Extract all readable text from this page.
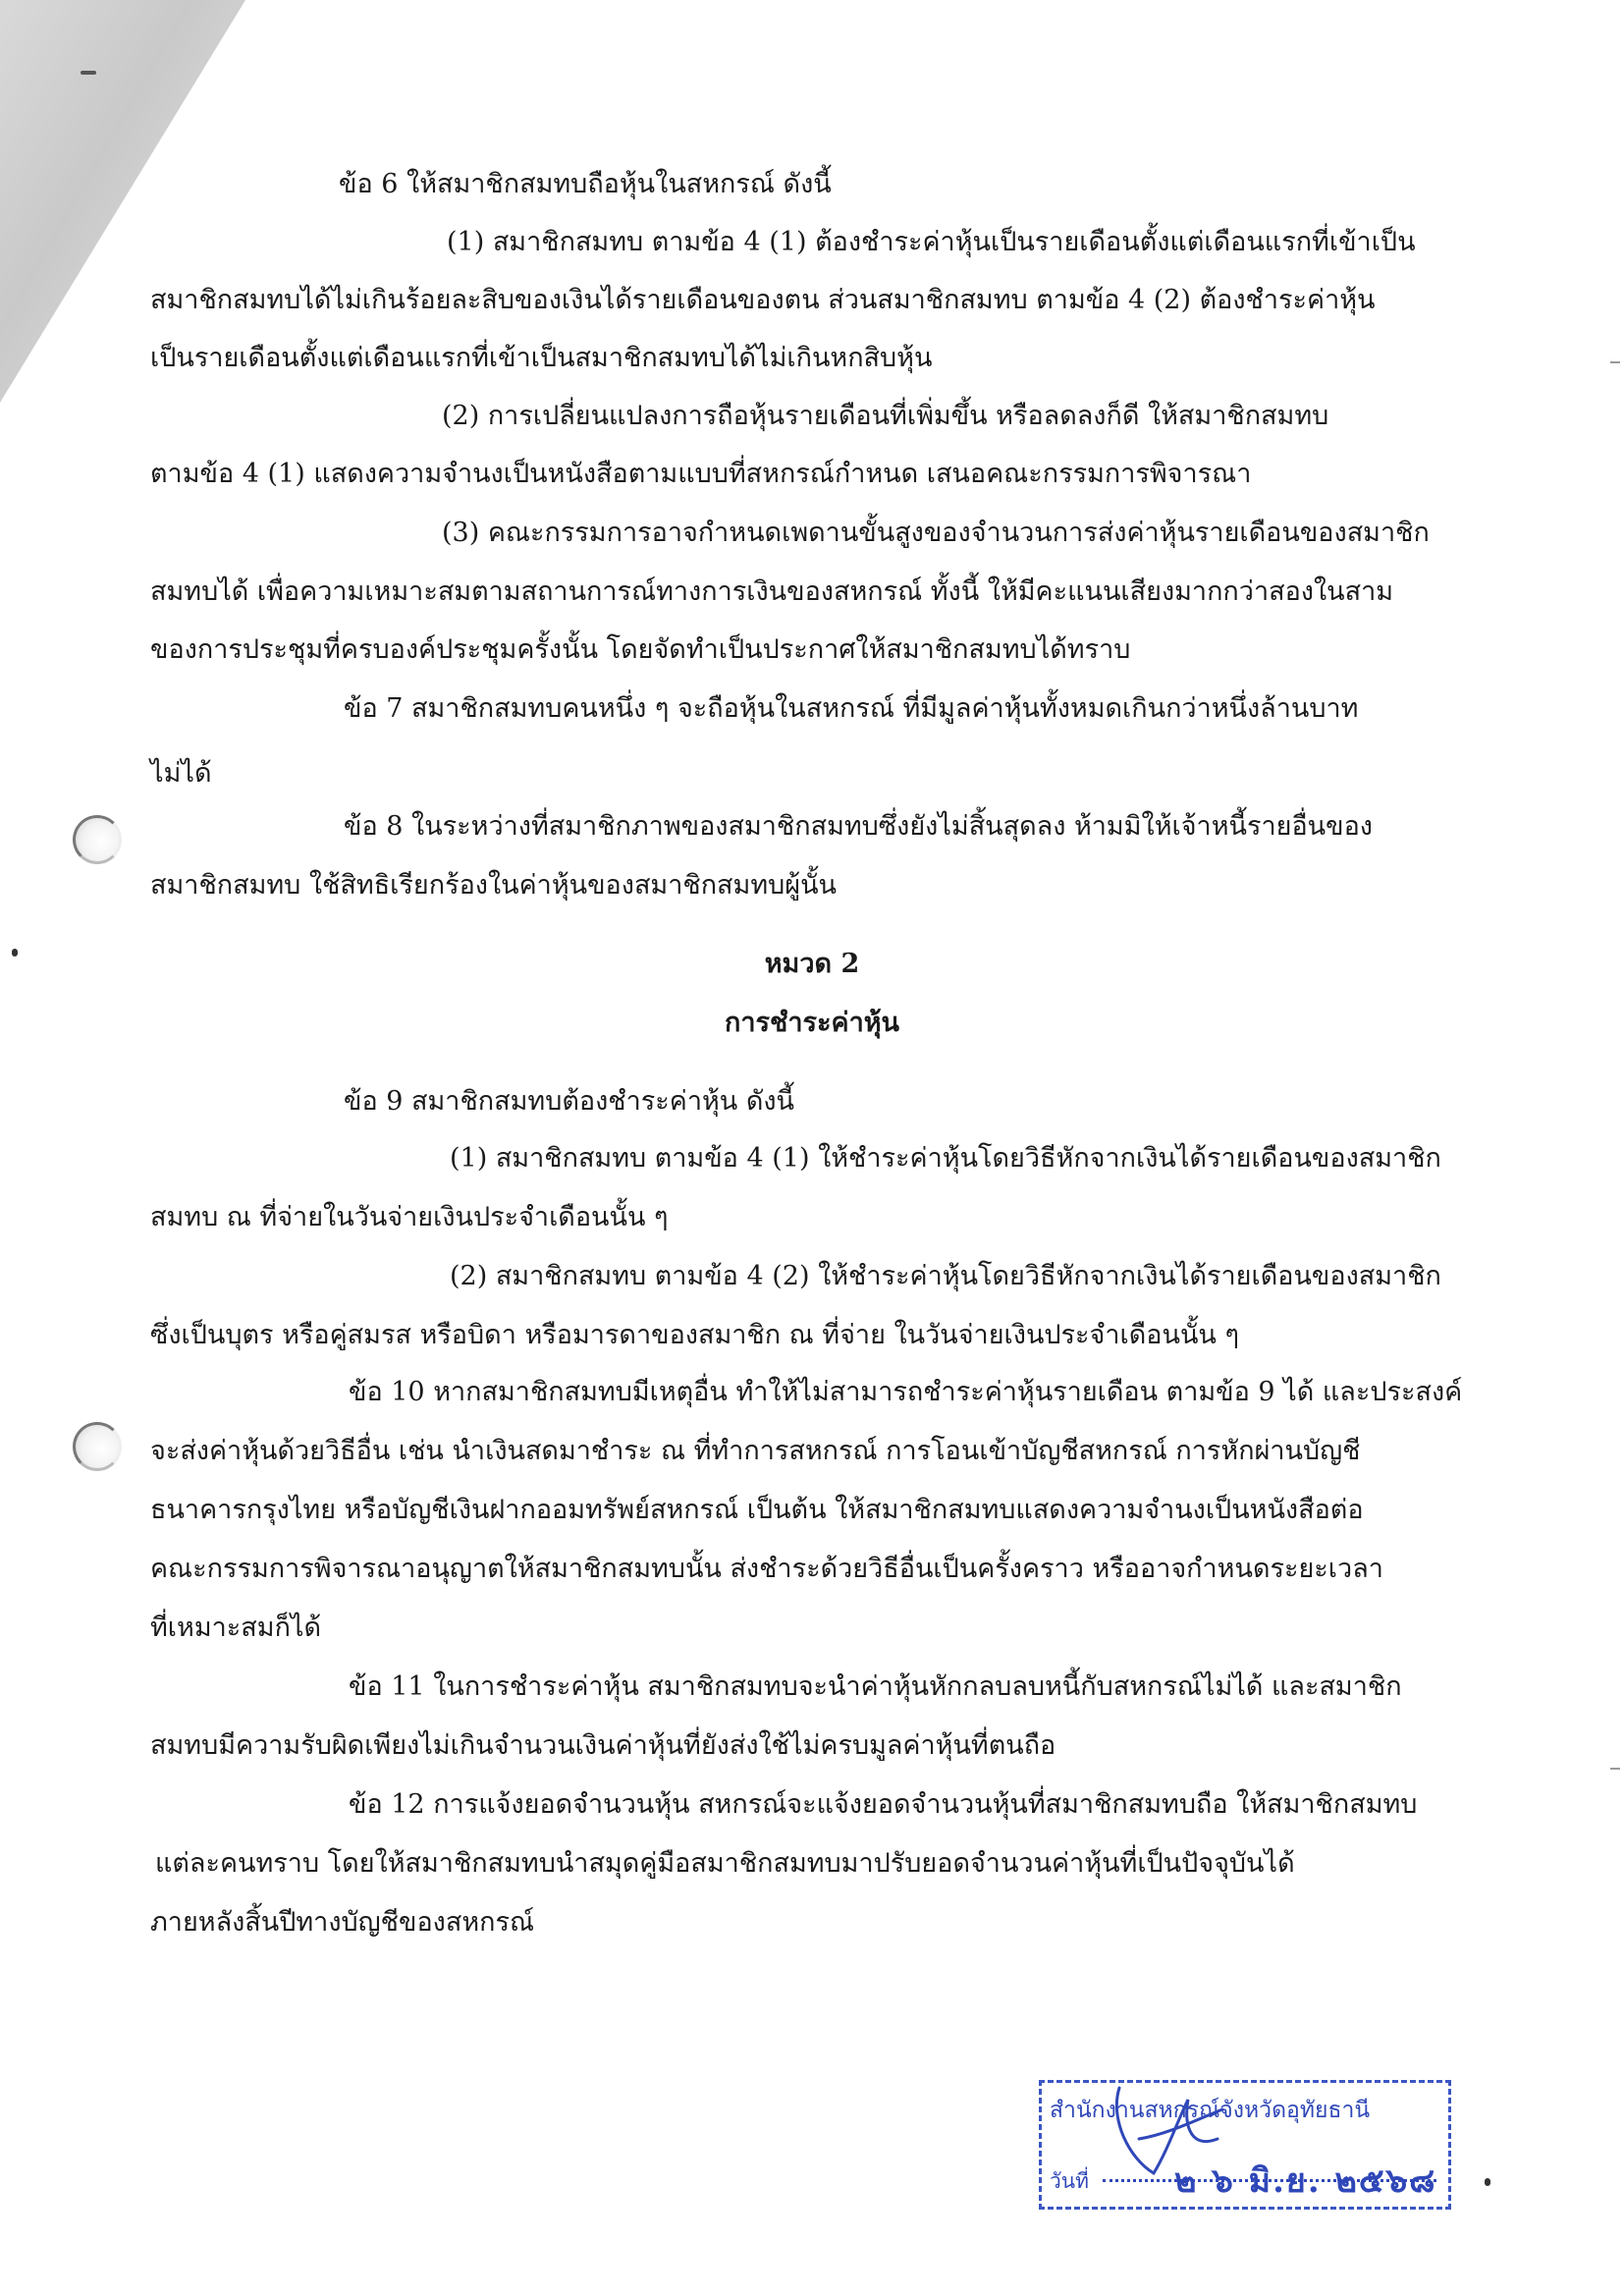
ข้อ 6 ให้สมาชิกสมทบถือหุ้นในสหกรณ์ ดังนี้
(1) สมาชิกสมทบ ตามข้อ 4 (1) ต้องชำระค่าหุ้นเป็นรายเดือนตั้งแต่เดือนแรกที่เข้าเป็น
สมาชิกสมทบได้ไม่เกินร้อยละสิบของเงินได้รายเดือนของตน ส่วนสมาชิกสมทบ ตามข้อ 4 (2) ต้องชำระค่าหุ้น
เป็นรายเดือนตั้งแต่เดือนแรกที่เข้าเป็นสมาชิกสมทบได้ไม่เกินหกสิบหุ้น
(2) การเปลี่ยนแปลงการถือหุ้นรายเดือนที่เพิ่มขึ้น หรือลดลงก็ดี ให้สมาชิกสมทบ
ตามข้อ 4 (1) แสดงความจำนงเป็นหนังสือตามแบบที่สหกรณ์กำหนด เสนอคณะกรรมการพิจารณา
(3) คณะกรรมการอาจกำหนดเพดานขั้นสูงของจำนวนการส่งค่าหุ้นรายเดือนของสมาชิก
สมทบได้ เพื่อความเหมาะสมตามสถานการณ์ทางการเงินของสหกรณ์ ทั้งนี้ ให้มีคะแนนเสียงมากกว่าสองในสาม
ของการประชุมที่ครบองค์ประชุมครั้งนั้น โดยจัดทำเป็นประกาศให้สมาชิกสมทบได้ทราบ
ข้อ 7 สมาชิกสมทบคนหนึ่ง ๆ จะถือหุ้นในสหกรณ์ ที่มีมูลค่าหุ้นทั้งหมดเกินกว่าหนึ่งล้านบาท
ไม่ได้
ข้อ 8 ในระหว่างที่สมาชิกภาพของสมาชิกสมทบซึ่งยังไม่สิ้นสุดลง ห้ามมิให้เจ้าหนี้รายอื่นของ
สมาชิกสมทบ ใช้สิทธิเรียกร้องในค่าหุ้นของสมาชิกสมทบผู้นั้น
หมวด 2
การชำระค่าหุ้น
ข้อ 9 สมาชิกสมทบต้องชำระค่าหุ้น ดังนี้
(1) สมาชิกสมทบ ตามข้อ 4 (1) ให้ชำระค่าหุ้นโดยวิธีหักจากเงินได้รายเดือนของสมาชิก
สมทบ ณ ที่จ่ายในวันจ่ายเงินประจำเดือนนั้น ๆ
(2) สมาชิกสมทบ ตามข้อ 4 (2) ให้ชำระค่าหุ้นโดยวิธีหักจากเงินได้รายเดือนของสมาชิก
ซึ่งเป็นบุตร หรือคู่สมรส หรือบิดา หรือมารดาของสมาชิก ณ ที่จ่าย ในวันจ่ายเงินประจำเดือนนั้น ๆ
ข้อ 10 หากสมาชิกสมทบมีเหตุอื่น ทำให้ไม่สามารถชำระค่าหุ้นรายเดือน ตามข้อ 9 ได้ และประสงค์
จะส่งค่าหุ้นด้วยวิธีอื่น เช่น นำเงินสดมาชำระ ณ ที่ทำการสหกรณ์ การโอนเข้าบัญชีสหกรณ์ การหักผ่านบัญชี
ธนาคารกรุงไทย หรือบัญชีเงินฝากออมทรัพย์สหกรณ์ เป็นต้น ให้สมาชิกสมทบแสดงความจำนงเป็นหนังสือต่อ
คณะกรรมการพิจารณาอนุญาตให้สมาชิกสมทบนั้น ส่งชำระด้วยวิธีอื่นเป็นครั้งคราว หรืออาจกำหนดระยะเวลา
ที่เหมาะสมก็ได้
ข้อ 11 ในการชำระค่าหุ้น สมาชิกสมทบจะนำค่าหุ้นหักกลบลบหนี้กับสหกรณ์ไม่ได้ และสมาชิก
สมทบมีความรับผิดเพียงไม่เกินจำนวนเงินค่าหุ้นที่ยังส่งใช้ไม่ครบมูลค่าหุ้นที่ตนถือ
ข้อ 12 การแจ้งยอดจำนวนหุ้น สหกรณ์จะแจ้งยอดจำนวนหุ้นที่สมาชิกสมทบถือ ให้สมาชิกสมทบ
แต่ละคนทราบ โดยให้สมาชิกสมทบนำสมุดคู่มือสมาชิกสมทบมาปรับยอดจำนวนค่าหุ้นที่เป็นปัจจุบันได้
ภายหลังสิ้นปีทางบัญชีของสหกรณ์
สำนักงานสหกรณ์จังหวัดอุทัยธานี
วันที่	๒ ๖ มิ.ย. ๒๕๖๘
